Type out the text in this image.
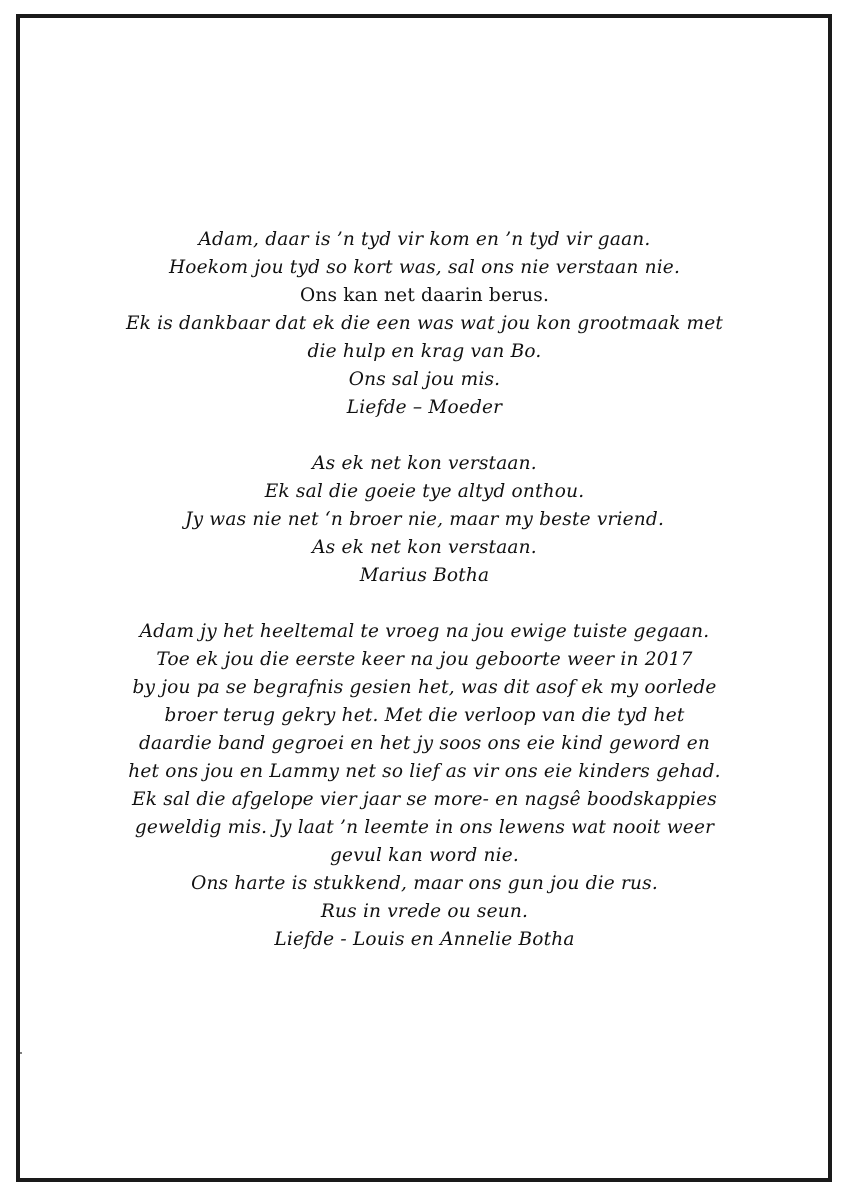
Adam, daar is ’n tyd vir kom en ’n tyd vir gaan.
Hoekom jou tyd so kort was, sal ons nie verstaan nie.
Ons kan net daarin berus.
Ek is dankbaar dat ek die een was wat jou kon grootmaak met
die hulp en krag van Bo.
Ons sal jou mis.
Liefde – Moeder
As ek net kon verstaan.
Ek sal die goeie tye altyd onthou.
Jy was nie net ‘n broer nie, maar my beste vriend.
As ek net kon verstaan.
Marius Botha
Adam jy het heeltemal te vroeg na jou ewige tuiste gegaan.
Toe ek jou die eerste keer na jou geboorte weer in 2017
by jou pa se begrafnis gesien het, was dit asof ek my oorlede
broer terug gekry het. Met die verloop van die tyd het
daardie band gegroei en het jy soos ons eie kind geword en
het ons jou en Lammy net so lief as vir ons eie kinders gehad.
Ek sal die afgelope vier jaar se more- en nagsê boodskappies
geweldig mis. Jy laat ’n leemte in ons lewens wat nooit weer
gevul kan word nie.
Ons harte is stukkend, maar ons gun jou die rus.
Rus in vrede ou seun.
Liefde - Louis en Annelie Botha
